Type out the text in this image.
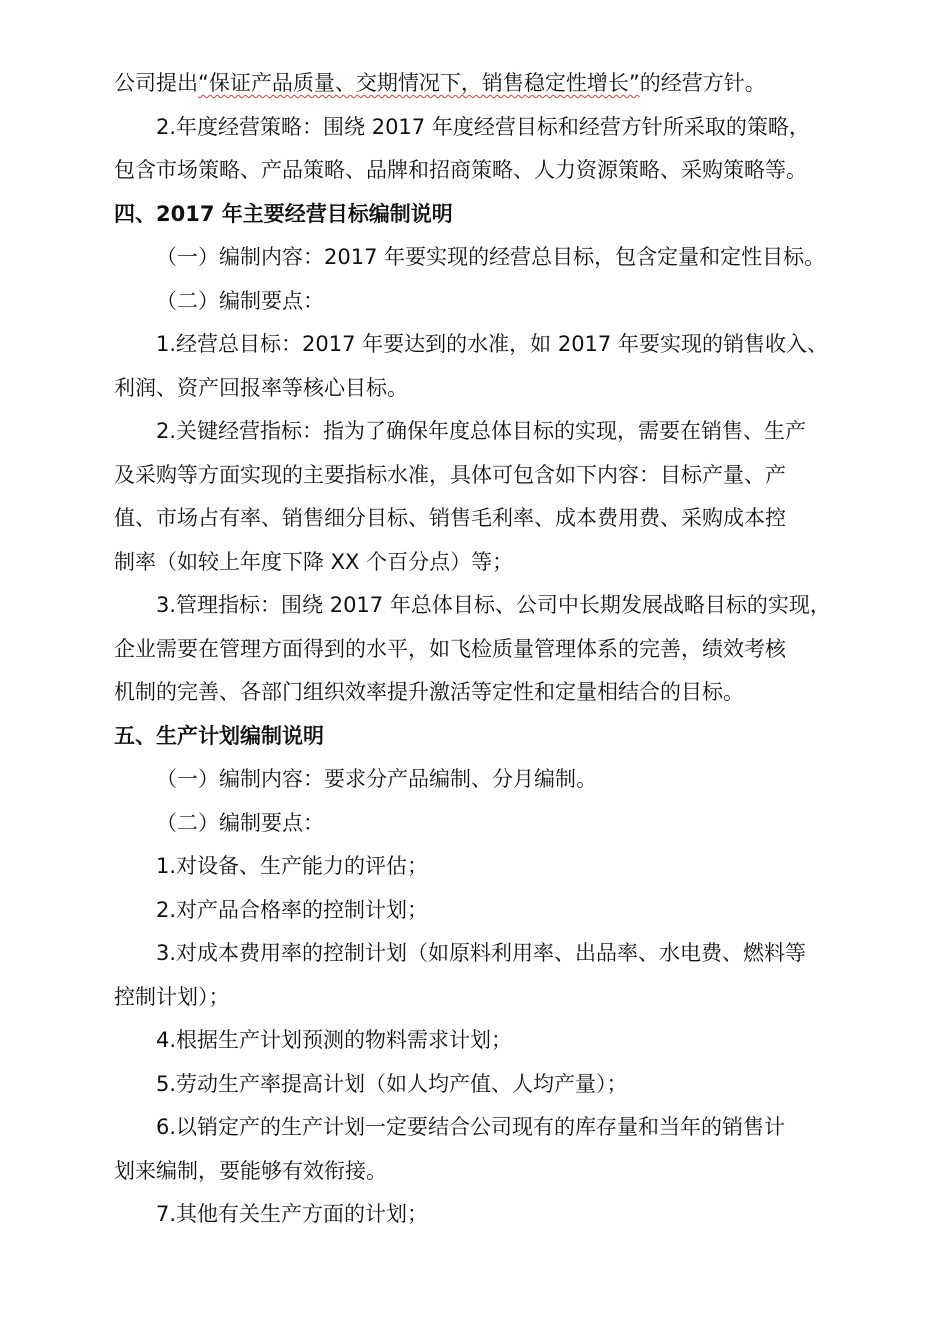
公司提出“保证产品质量、交期情况下，销售稳定性增长”的经营方针。
2.年度经营策略：围绕 2017 年度经营目标和经营方针所采取的策略，
包含市场策略、产品策略、品牌和招商策略、人力资源策略、采购策略等。
四、2017 年主要经营目标编制说明
（一）编制内容：2017 年要实现的经营总目标，包含定量和定性目标。
（二）编制要点：
1.经营总目标：2017 年要达到的水准，如 2017 年要实现的销售收入、
利润、资产回报率等核心目标。
2.关键经营指标：指为了确保年度总体目标的实现，需要在销售、生产
及采购等方面实现的主要指标水准，具体可包含如下内容：目标产量、产
值、市场占有率、销售细分目标、销售毛利率、成本费用费、采购成本控
制率（如较上年度下降 XX 个百分点）等；
3.管理指标：围绕 2017 年总体目标、公司中长期发展战略目标的实现，
企业需要在管理方面得到的水平，如飞检质量管理体系的完善，绩效考核
机制的完善、各部门组织效率提升激活等定性和定量相结合的目标。
五、生产计划编制说明
（一）编制内容：要求分产品编制、分月编制。
（二）编制要点：
1.对设备、生产能力的评估；
2.对产品合格率的控制计划；
3.对成本费用率的控制计划（如原料利用率、出品率、水电费、燃料等
控制计划）；
4.根据生产计划预测的物料需求计划；
5.劳动生产率提高计划（如人均产值、人均产量）；
6.以销定产的生产计划一定要结合公司现有的库存量和当年的销售计
划来编制，要能够有效衔接。
7.其他有关生产方面的计划；
